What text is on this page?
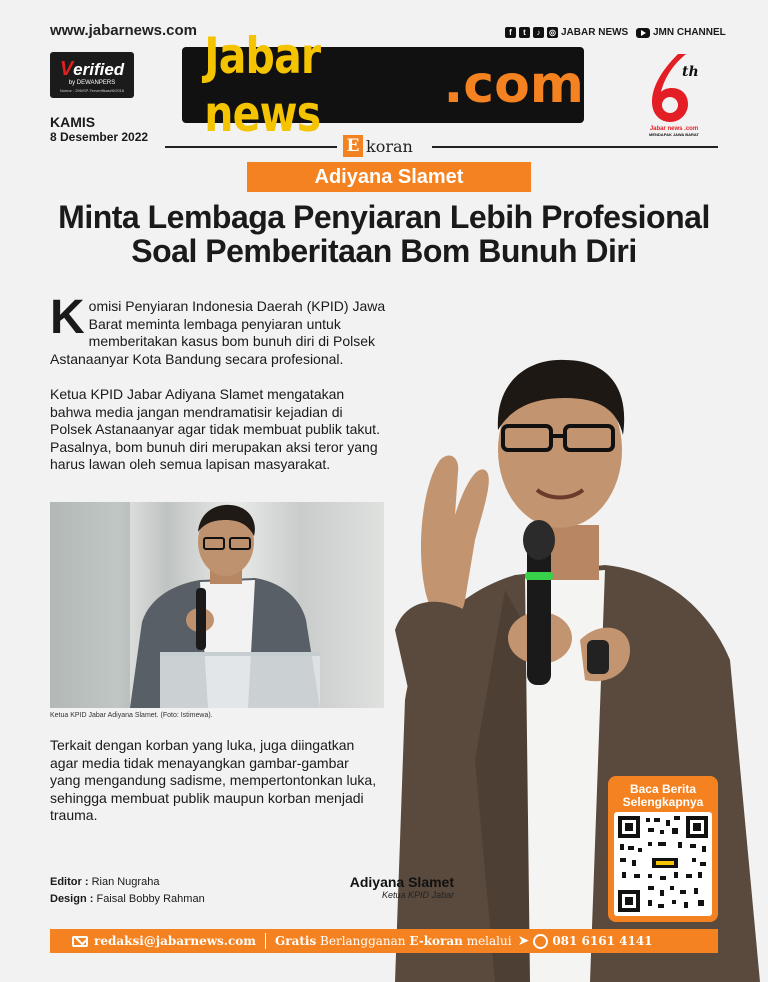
www.jabarnews.com	f	t	♪	◎ JABAR NEWS JMN CHANNEL
Verified
by DEWANPERS
Nomor : 296/SP-Terverifikasi/II/2016
Jabar news	.com	th
Jabar news .com
MENDAPAK JAWA BARAT
KAMIS
8 Desember 2022	E koran
Adiyana Slamet
Minta Lembaga Penyiaran Lebih Profesional
Soal Pemberitaan Bom Bunuh Diri
K omisi Penyiaran Indonesia Daerah (KPID) Jawa Barat meminta lembaga penyiaran untuk memberitakan kasus bom bunuh diri di Polsek Astanaanyar Kota Bandung secara profesional.
Ketua KPID Jabar Adiyana Slamet mengatakan bahwa media jangan mendramatisir kejadian di Polsek Astanaanyar agar tidak membuat publik takut. Pasalnya, bom bunuh diri merupakan aksi teror yang harus lawan oleh semua lapisan masyarakat.
Ketua KPID Jabar Adiyana Slamet. (Foto: Istimewa).
Terkait dengan korban yang luka, juga diingatkan agar media tidak menayangkan gambar-gambar yang mengandung sadisme, mempertontonkan luka, sehingga membuat publik maupun korban menjadi trauma.
Editor : Rian Nugraha
Design : Faisal Bobby Rahman
Adiyana Slamet
Ketua KPID Jabar
Baca Berita
Selengkapnya
redaksi@jabarnews.com Gratis
Berlangganan
E-koran
melalui ➤ 081 6161 4141
